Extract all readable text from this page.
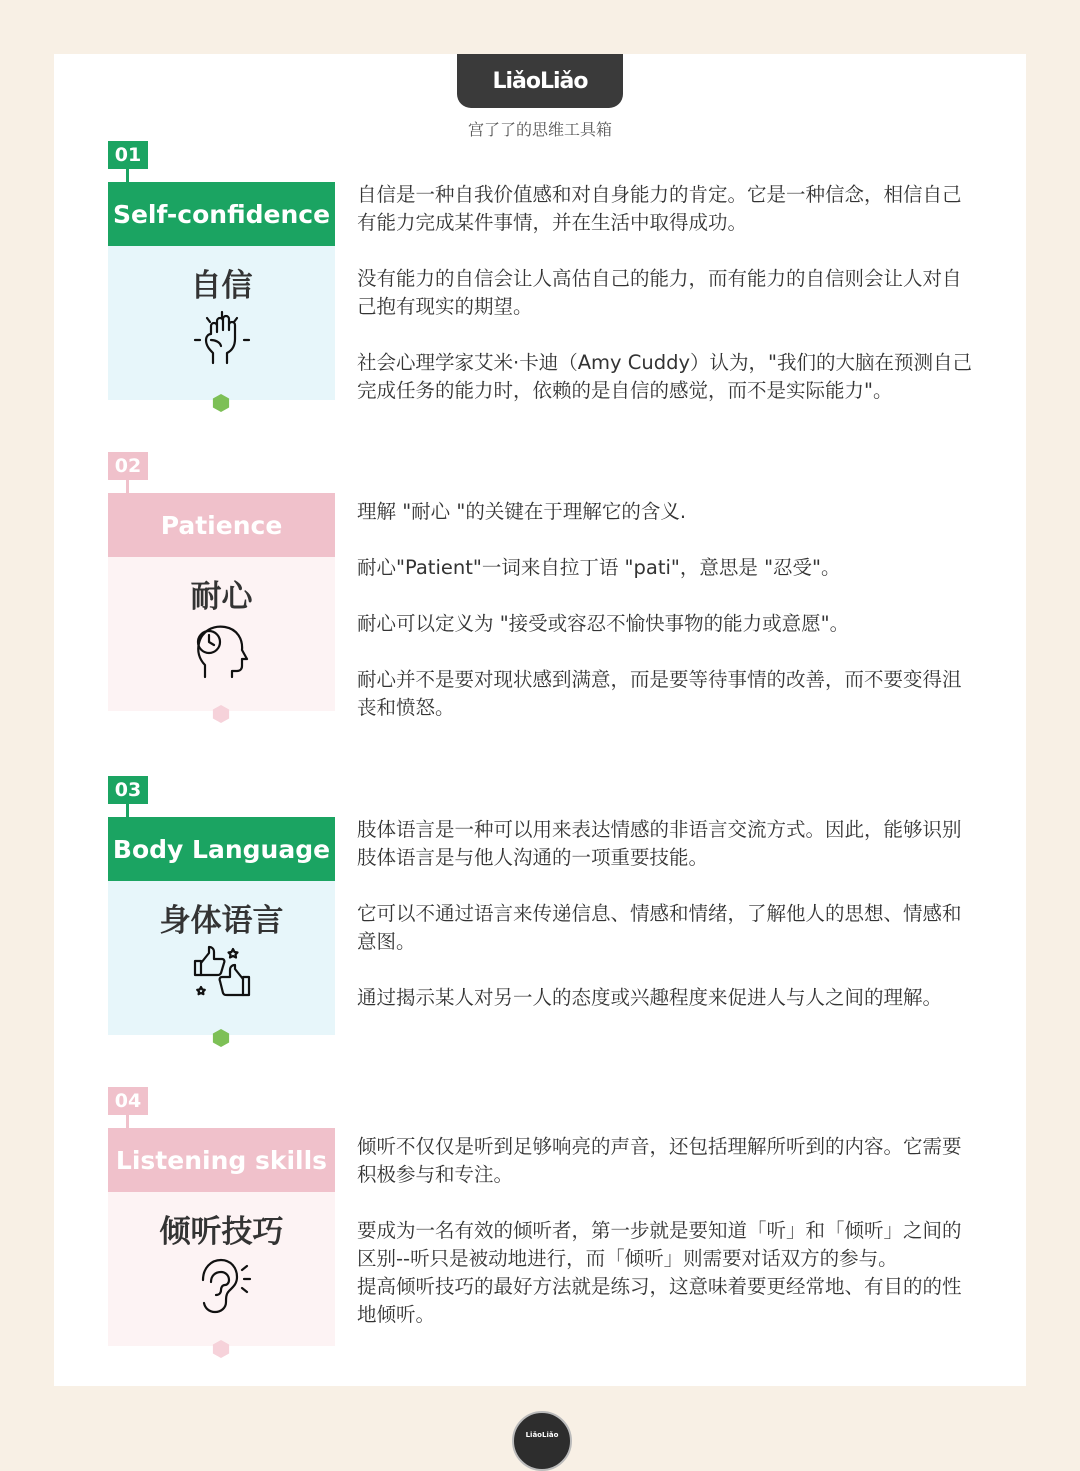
LiǎoLiǎo
宫了了的思维工具箱
01
Self-confidence
自信

自信是一种自我价值感和对自身能力的肯定。它是一种信念，相信自己有能力完成某件事情，并在生活中取得成功。

没有能力的自信会让人高估自己的能力，而有能力的自信则会让人对自己抱有现实的期望。

社会心理学家艾米·卡迪（Amy Cuddy）认为，"我们的大脑在预测自己完成任务的能力时，依赖的是自信的感觉，而不是实际能力"。

02
Patience
耐心

理解 "耐心 "的关键在于理解它的含义.

耐心"Patient"一词来自拉丁语 "pati"，意思是 "忍受"。

耐心可以定义为 "接受或容忍不愉快事物的能力或意愿"。

耐心并不是要对现状感到满意，而是要等待事情的改善，而不要变得沮丧和愤怒。

03
Body Language
身体语言

肢体语言是一种可以用来表达情感的非语言交流方式。因此，能够识别肢体语言是与他人沟通的一项重要技能。

它可以不通过语言来传递信息、情感和情绪，了解他人的思想、情感和意图。

通过揭示某人对另一人的态度或兴趣程度来促进人与人之间的理解。

04
Listening skills
倾听技巧

倾听不仅仅是听到足够响亮的声音，还包括理解所听到的内容。它需要积极参与和专注。

要成为一名有效的倾听者，第一步就是要知道「听」和「倾听」之间的区别--听只是被动地进行，而「倾听」则需要对话双方的参与。

提高倾听技巧的最好方法就是练习，这意味着要更经常地、有目的的性地倾听。

LiǎoLiǎo
